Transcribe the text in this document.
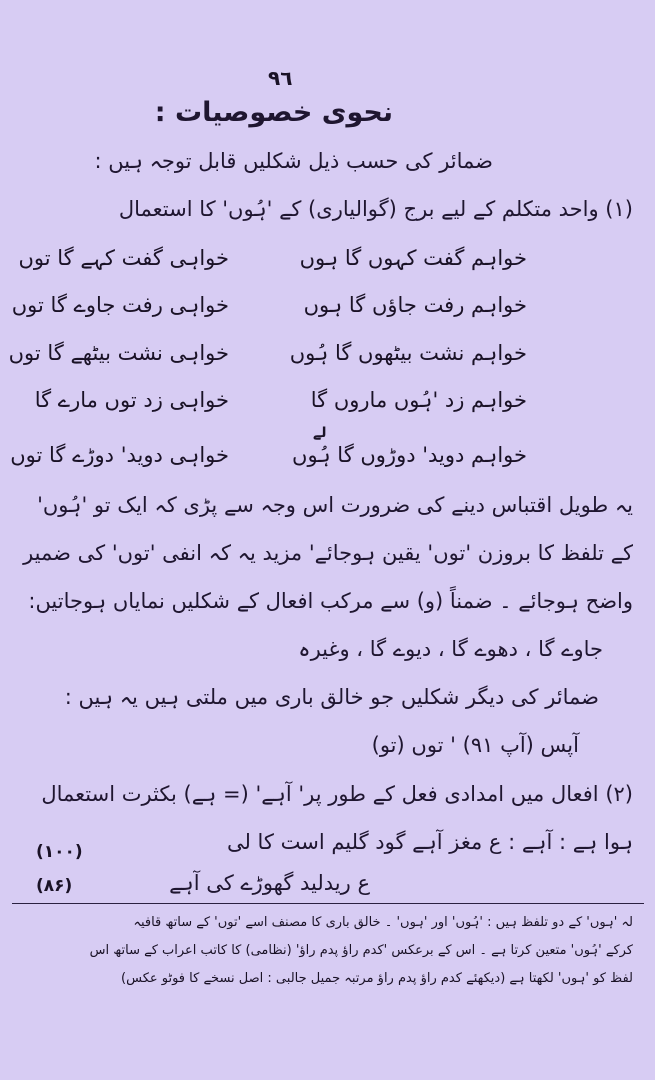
٩٦
نحوی خصوصیات :
ضمائر کی حسب ذیل شکلیں قابل توجہ ہیں :
(۱) واحد متکلم کے لیے برج (گوالیاری) کے 'ہُوں' کا استعمال
خواہم گفت کہوں گا ہوں
خواہی گفت کہے گا توں
خواہم رفت جاؤں گا ہوں
خواہی رفت جاوے گا توں
خواہم نشت بیٹھوں گا ہُوں
خواہی نشت بیٹھے گا توں
خواہم زد 'ہُوں ماروں گا
خواہی زد توں مارے گا
لے
خواہم دوید' دوڑوں گا ہُوں
خواہی دوید' دوڑے گا توں
یہ طویل اقتباس دینے کی ضرورت اس وجہ سے پڑی کہ ایک تو 'ہُوں'
کے تلفظ کا بروزن 'توں' یقین ہوجائے' مزید یہ کہ انفی 'توں' کی ضمیر
واضح ہوجائے ۔ ضمناً (و) سے مرکب افعال کے شکلیں نمایاں ہوجاتیں:
جاوے گا ، دھوے گا ، دیوے گا ، وغیرہ
ضمائر کی دیگر شکلیں جو خالق باری میں ملتی ہیں یہ ہیں :
آپس (آپ ۹۱) ' توں (تو)
(۲) افعال میں امدادی فعل کے طور پر' آہے' (= ہے) بکثرت استعمال
ہوا ہے : آہے : ع مغز آہے گود گلیم است کا لی
(۱۰۰)
ع ریدلید گھوڑے کی آہے
(۸۶)
لہ 'ہوں' کے دو تلفظ ہیں : 'ہُوں' اور 'ہوں' ۔ خالق باری کا مصنف اسے 'توں' کے ساتھ قافیہ
کرکے 'ہُوں' متعین کرتا ہے ۔ اس کے برعکس 'کدم راؤ پدم راؤ' (نظامی) کا کاتب اعراب کے ساتھ اس
لفظ کو 'ہوں' لکھتا ہے (دیکھئے کدم راؤ پدم راؤ مرتبہ جمیل جالبی : اصل نسخے کا فوٹو عکس)
